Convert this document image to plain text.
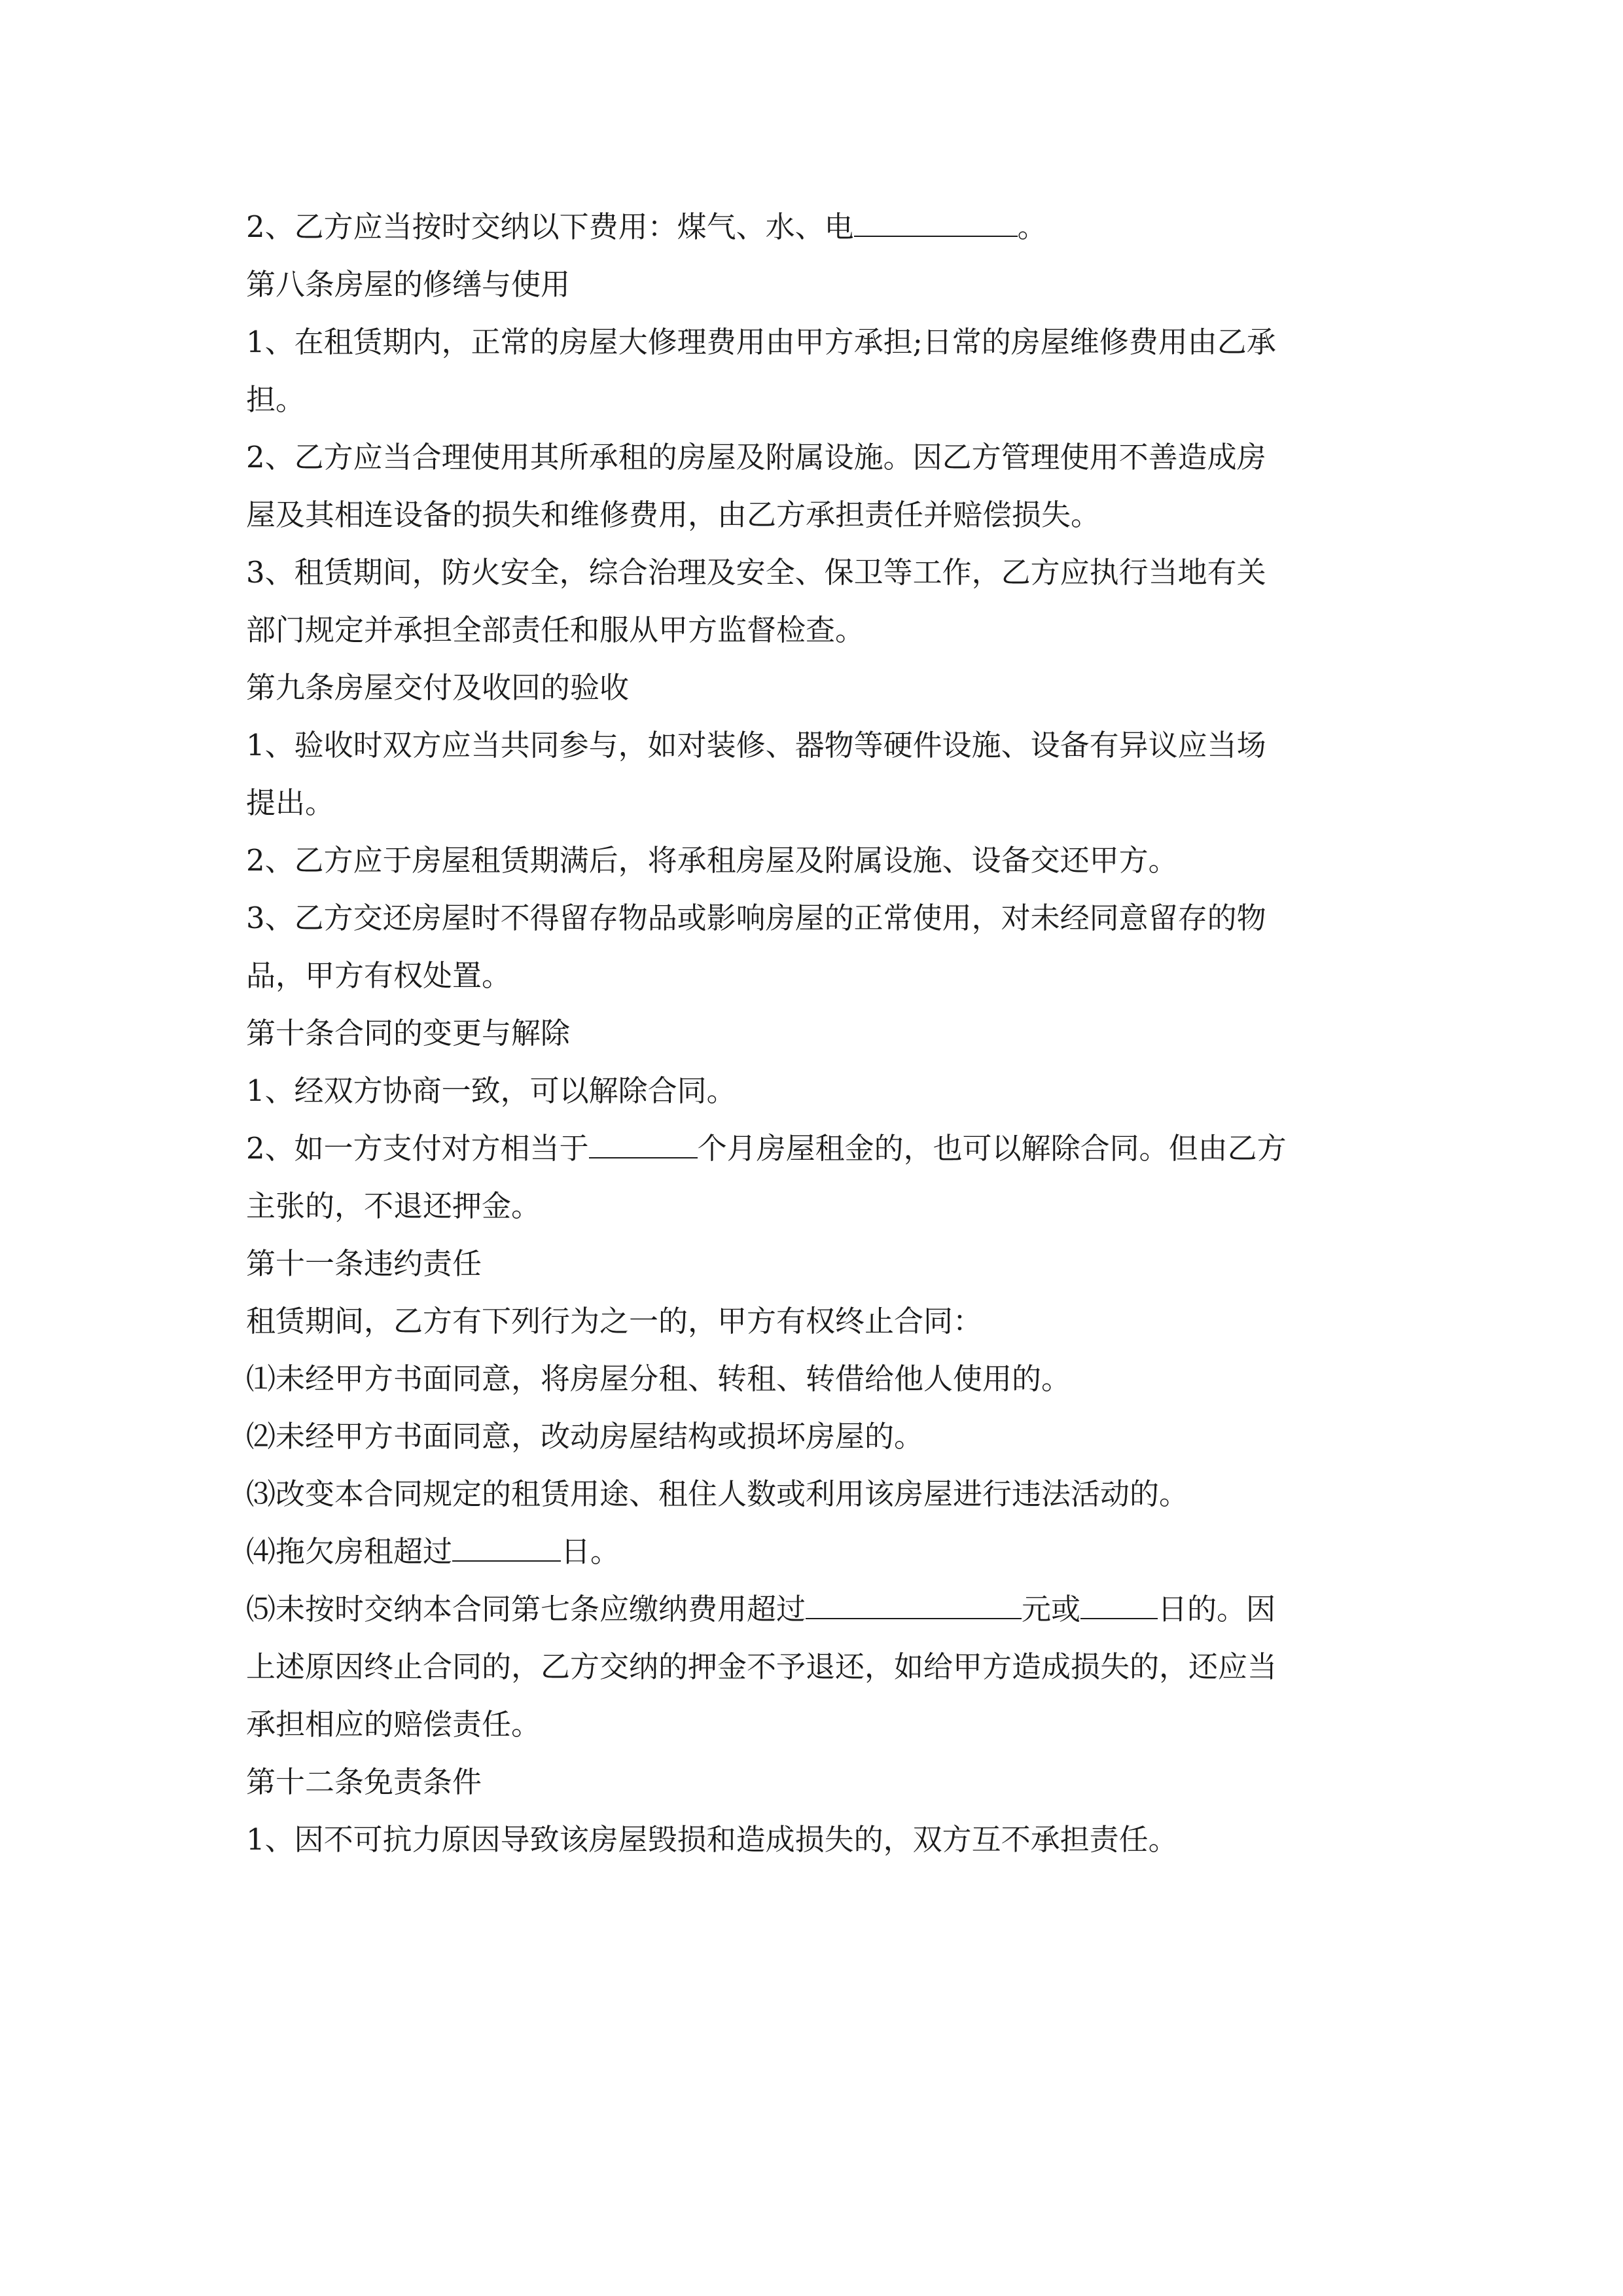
2、乙方应当按时交纳以下费用：煤气、水、电	。
第八条房屋的修缮与使用
1、在租赁期内，正常的房屋大修理费用由甲方承担;日常的房屋维修费用由乙承
担。
2、乙方应当合理使用其所承租的房屋及附属设施。因乙方管理使用不善造成房
屋及其相连设备的损失和维修费用，由乙方承担责任并赔偿损失。
3、租赁期间，防火安全，综合治理及安全、保卫等工作，乙方应执行当地有关
部门规定并承担全部责任和服从甲方监督检查。
第九条房屋交付及收回的验收
1、验收时双方应当共同参与，如对装修、器物等硬件设施、设备有异议应当场
提出。
2、乙方应于房屋租赁期满后，将承租房屋及附属设施、设备交还甲方。
3、乙方交还房屋时不得留存物品或影响房屋的正常使用，对未经同意留存的物
品，甲方有权处置。
第十条合同的变更与解除
1、经双方协商一致，可以解除合同。
2、如一方支付对方相当于	个月房屋租金的，也可以解除合同。但由乙方
主张的，不退还押金。
第十一条违约责任
租赁期间，乙方有下列行为之一的，甲方有权终止合同：
⑴未经甲方书面同意，将房屋分租、转租、转借给他人使用的。
⑵未经甲方书面同意，改动房屋结构或损坏房屋的。
⑶改变本合同规定的租赁用途、租住人数或利用该房屋进行违法活动的。
⑷拖欠房租超过	日。
⑸未按时交纳本合同第七条应缴纳费用超过	元或	日的。因
上述原因终止合同的，乙方交纳的押金不予退还，如给甲方造成损失的，还应当
承担相应的赔偿责任。
第十二条免责条件
1、因不可抗力原因导致该房屋毁损和造成损失的，双方互不承担责任。
